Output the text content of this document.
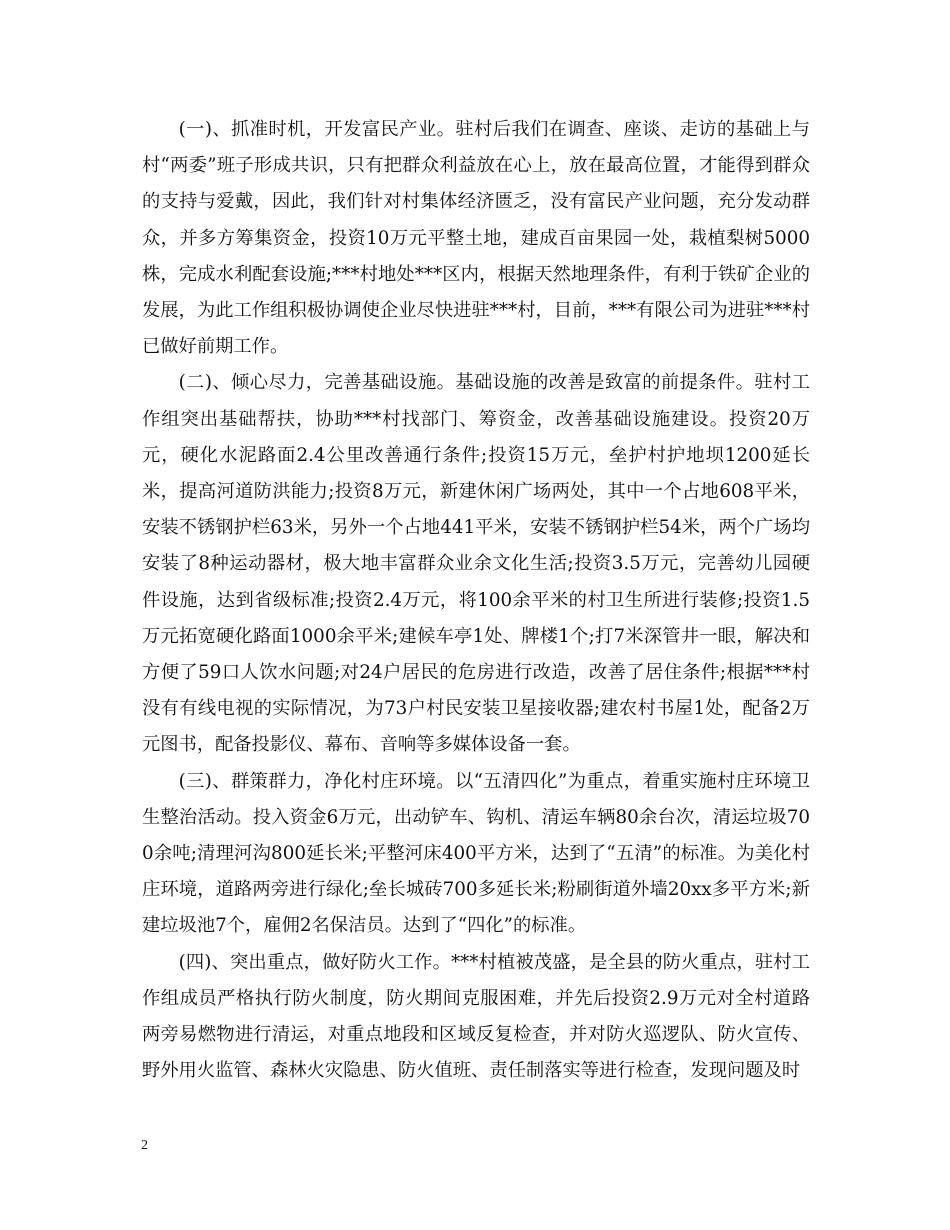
(一)、抓准时机，开发富民产业。驻村后我们在调查、座谈、走访的基础上与村“两委”班子形成共识，只有把群众利益放在心上，放在最高位置，才能得到群众的支持与爱戴，因此，我们针对村集体经济匮乏，没有富民产业问题，充分发动群众，并多方筹集资金，投资10万元平整土地，建成百亩果园一处，栽植梨树5000株，完成水利配套设施;***村地处***区内，根据天然地理条件，有利于铁矿企业的发展，为此工作组积极协调使企业尽快进驻***村，目前，***有限公司为进驻***村已做好前期工作。

(二)、倾心尽力，完善基础设施。基础设施的改善是致富的前提条件。驻村工作组突出基础帮扶，协助***村找部门、筹资金，改善基础设施建设。投资20万元，硬化水泥路面2.4公里改善通行条件;投资15万元，垒护村护地坝1200延长米，提高河道防洪能力;投资8万元，新建休闲广场两处，其中一个占地608平米，安装不锈钢护栏63米，另外一个占地441平米，安装不锈钢护栏54米，两个广场均安装了8种运动器材，极大地丰富群众业余文化生活;投资3.5万元，完善幼儿园硬件设施，达到省级标准;投资2.4万元，将100余平米的村卫生所进行装修;投资1.5万元拓宽硬化路面1000余平米;建候车亭1处、牌楼1个;打7米深管井一眼，解决和方便了59口人饮水问题;对24户居民的危房进行改造，改善了居住条件;根据***村没有有线电视的实际情况，为73户村民安装卫星接收器;建农村书屋1处，配备2万元图书，配备投影仪、幕布、音响等多媒体设备一套。

(三)、群策群力，净化村庄环境。以“五清四化”为重点，着重实施村庄环境卫生整治活动。投入资金6万元，出动铲车、钩机、清运车辆80余台次，清运垃圾700余吨;清理河沟800延长米;平整河床400平方米，达到了“五清”的标准。为美化村庄环境，道路两旁进行绿化;垒长城砖700多延长米;粉刷街道外墙20xx多平方米;新建垃圾池7个，雇佣2名保洁员。达到了“四化”的标准。

(四)、突出重点，做好防火工作。***村植被茂盛，是全县的防火重点，驻村工作组成员严格执行防火制度，防火期间克服困难，并先后投资2.9万元对全村道路两旁易燃物进行清运，对重点地段和区域反复检查，并对防火巡逻队、防火宣传、野外用火监管、森林火灾隐患、防火值班、责任制落实等进行检查，发现问题及时

2
